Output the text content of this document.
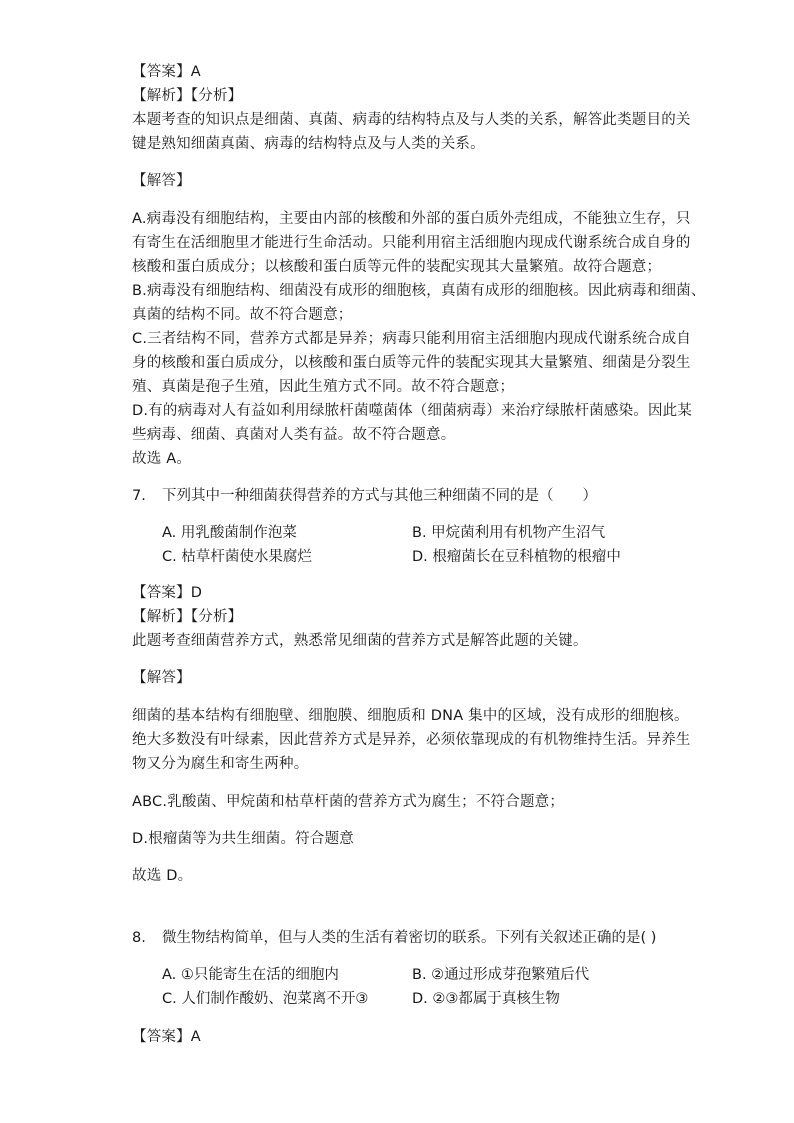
【答案】A
【解析】【分析】
本题考查的知识点是细菌、真菌、病毒的结构特点及与人类的关系，解答此类题目的关
键是熟知细菌真菌、病毒的结构特点及与人类的关系。
【解答】
A.病毒没有细胞结构，主要由内部的核酸和外部的蛋白质外壳组成，不能独立生存，只
有寄生在活细胞里才能进行生命活动。只能利用宿主活细胞内现成代谢系统合成自身的
核酸和蛋白质成分；以核酸和蛋白质等元件的装配实现其大量繁殖。故符合题意；
B.病毒没有细胞结构、细菌没有成形的细胞核，真菌有成形的细胞核。因此病毒和细菌、
真菌的结构不同。故不符合题意；
C.三者结构不同，营养方式都是异养；病毒只能利用宿主活细胞内现成代谢系统合成自
身的核酸和蛋白质成分，以核酸和蛋白质等元件的装配实现其大量繁殖、细菌是分裂生
殖、真菌是孢子生殖，因此生殖方式不同。故不符合题意；
D.有的病毒对人有益如利用绿脓杆菌噬菌体（细菌病毒）来治疗绿脓杆菌感染。因此某
些病毒、细菌、真菌对人类有益。故不符合题意。
故选 A。
7. 下列其中一种细菌获得营养的方式与其他三种细菌不同的是（　　）
A. 用乳酸菌制作泡菜	B. 甲烷菌利用有机物产生沼气
C. 枯草杆菌使水果腐烂	D. 根瘤菌长在豆科植物的根瘤中
【答案】D
【解析】【分析】
此题考查细菌营养方式，熟悉常见细菌的营养方式是解答此题的关键。
【解答】
细菌的基本结构有细胞壁、细胞膜、细胞质和 DNA 集中的区域，没有成形的细胞核。
绝大多数没有叶绿素，因此营养方式是异养，必须依靠现成的有机物维持生活。异养生
物又分为腐生和寄生两种。
ABC.乳酸菌、甲烷菌和枯草杆菌的营养方式为腐生；不符合题意；
D.根瘤菌等为共生细菌。符合题意
故选 D。
8. 微生物结构简单，但与人类的生活有着密切的联系。下列有关叙述正确的是( )
A. ①只能寄生在活的细胞内	B. ②通过形成芽孢繁殖后代
C. 人们制作酸奶、泡菜离不开③	D. ②③都属于真核生物
【答案】A
